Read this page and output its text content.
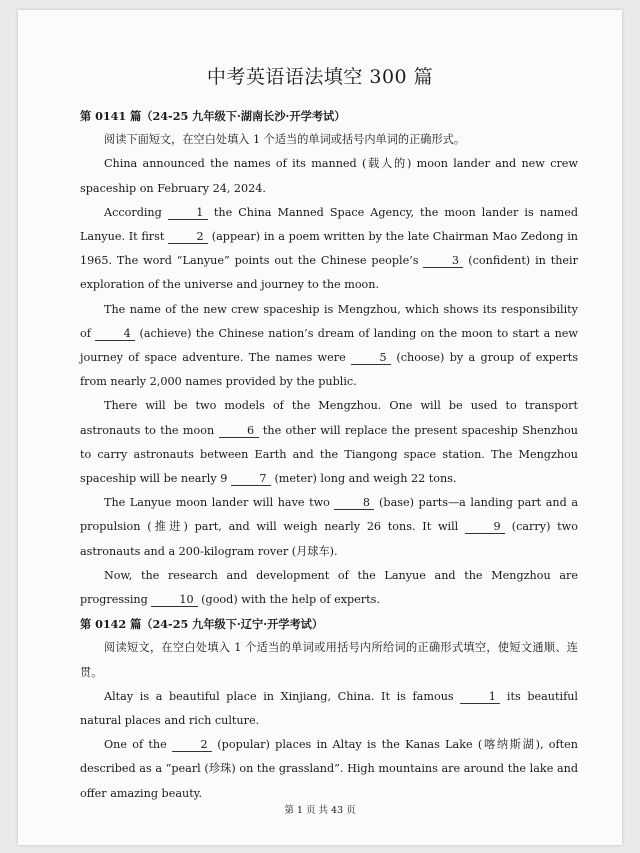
中考英语语法填空 300 篇

第 0141 篇（24-25 九年级下·湖南长沙·开学考试）

阅读下面短文，在空白处填入 1 个适当的单词或括号内单词的正确形式。

China announced the names of its manned (载人的) moon lander and new crew spaceship on February 24, 2024.

According	1 the China Manned Space Agency, the moon lander is named Lanyue. It first	2 (appear) in a poem written by the late Chairman Mao Zedong in 1965. The word “Lanyue” points out the Chinese people’s	3 (confident) in their exploration of the universe and journey to the moon.

The name of the new crew spaceship is Mengzhou, which shows its responsibility of	4 (achieve) the Chinese nation’s dream of landing on the moon to start a new journey of space adventure. The names were	5 (choose) by a group of experts from nearly 2,000 names provided by the public.

There will be two models of the Mengzhou. One will be used to transport astronauts to the moon	6 the other will replace the present spaceship Shenzhou to carry astronauts between Earth and the Tiangong space station. The Mengzhou spaceship will be nearly 9	7 (meter) long and weigh 22 tons.

The Lanyue moon lander will have two	8 (base) parts—a landing part and a propulsion (推进) part, and will weigh nearly 26 tons. It will	9 (carry) two astronauts and a 200-kilogram rover (月球车).

Now, the research and development of the Lanyue and the Mengzhou are progressing	10 (good) with the help of experts.

第 0142 篇（24-25 九年级下·辽宁·开学考试）

阅读短文，在空白处填入 1 个适当的单词或用括号内所给词的正确形式填空，使短文通顺、连贯。

Altay is a beautiful place in Xinjiang, China. It is famous	1 its beautiful natural places and rich culture.

One of the	2 (popular) places in Altay is the Kanas Lake (喀纳斯湖), often described as a “pearl (珍珠) on the grassland”. High mountains are around the lake and offer amazing beauty.

第 1 页 共 43 页
